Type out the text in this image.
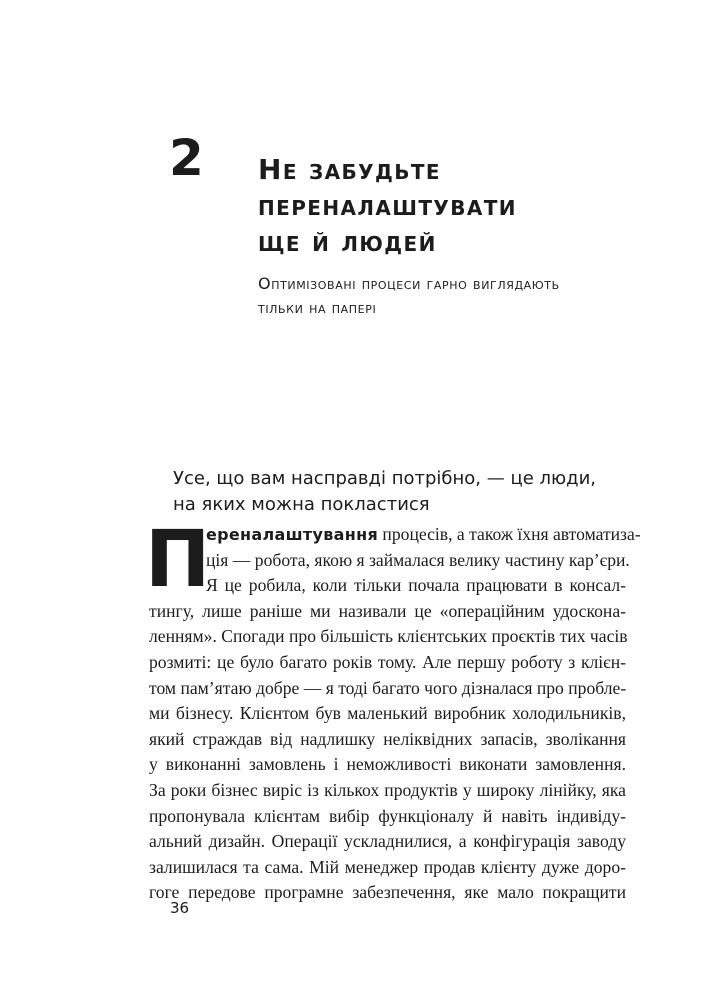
2 Не забудьте
переналаштувати
ще й людей

Оптимізовані процеси гарно виглядають
тільки на папері

Усе, що вам насправді потрібно, — це люди,
на яких можна покластися
П
ереналаштування процесів, а також їхня автоматиза-
ція — робота, якою я займалася велику частину кар’єри.
Я це робила, коли тільки почала працювати в консал-
тингу, лише раніше ми називали це «операційним удоскона-
ленням». Спогади про більшість клієнтських проєктів тих часів
розмиті: це було багато років тому. Але першу роботу з клієн-
том пам’ятаю добре — я тоді багато чого дізналася про пробле-
ми бізнесу. Клієнтом був маленький виробник холодильників,
який страждав від надлишку неліквідних запасів, зволікання
у виконанні замовлень і неможливості виконати замовлення.
За роки бізнес виріс із кількох продуктів у широку лінійку, яка
пропонувала клієнтам вибір функціоналу й навіть індивіду-
альний дизайн. Операції ускладнилися, а конфігурація заводу
залишилася та сама. Мій менеджер продав клієнту дуже доро-
гоге передове програмне забезпечення, яке мало покращити
36
